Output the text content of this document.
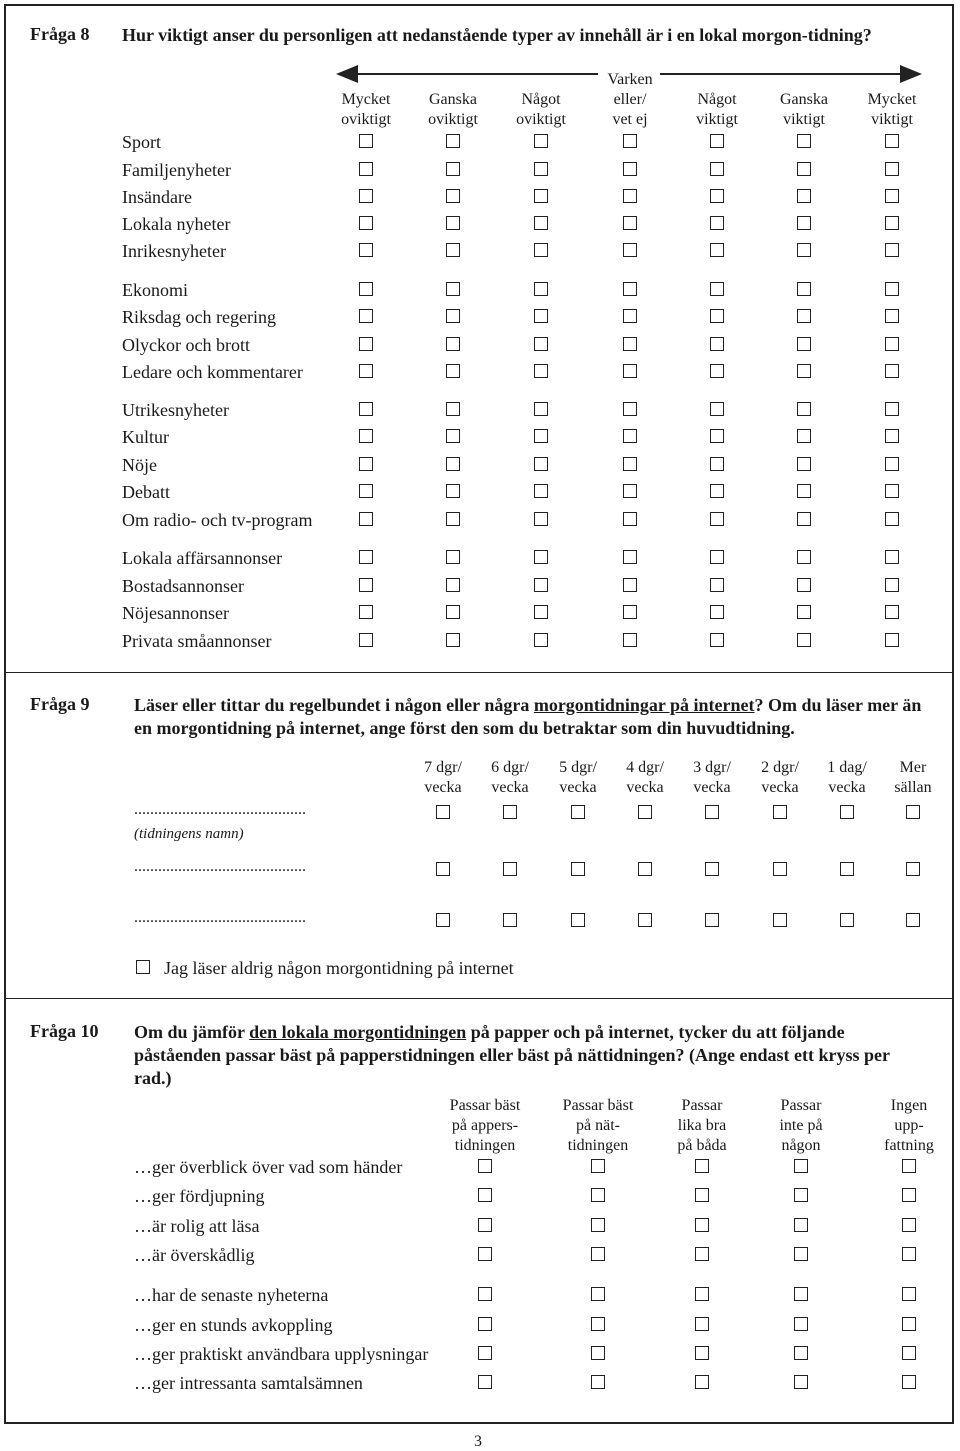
Fråga 8 Hur viktigt anser du personligen att nedanstående typer av innehåll är i en lokal morgon-tidning?
Mycket
oviktigt
Ganska
oviktigt
Något
oviktigt
Varken
eller/
vet ej
Något
viktigt
Ganska
viktigt
Mycket
viktigt
Sport
Familjenyheter
Insändare
Lokala nyheter
Inrikesnyheter
Ekonomi
Riksdag och regering
Olyckor och brott
Ledare och kommentarer
Utrikesnyheter
Kultur
Nöje
Debatt
Om radio- och tv-program
Lokala affärsannonser
Bostadsannonser
Nöjesannonser
Privata småannonser
Fråga 9 Läser eller tittar du regelbundet i någon eller några morgontidningar på internet? Om du läser mer än en morgontidning på internet, ange först den som du betraktar som din huvudtidning.
7 dgr/
vecka
6 dgr/
vecka
5 dgr/
vecka
4 dgr/
vecka
3 dgr/
vecka
2 dgr/
vecka
1 dag/
vecka
Mer
sällan
...........................................
...........................................
...........................................
(tidningens namn)
Jag läser aldrig någon morgontidning på internet
Fråga 10 Om du jämför den lokala morgontidningen på papper och på internet, tycker du att följande påståenden passar bäst på papperstidningen eller bäst på nättidningen? (Ange endast ett kryss per rad.)
Passar bäst
på appers-
tidningen
Passar bäst
på nät-
tidningen
Passar
lika bra
på båda
Passar
inte på
någon
Ingen
upp-
fattning
…ger överblick över vad som händer
…ger fördjupning
…är rolig att läsa
…är överskådlig
…har de senaste nyheterna
…ger en stunds avkoppling
…ger praktiskt användbara upplysningar
…ger intressanta samtalsämnen
3
